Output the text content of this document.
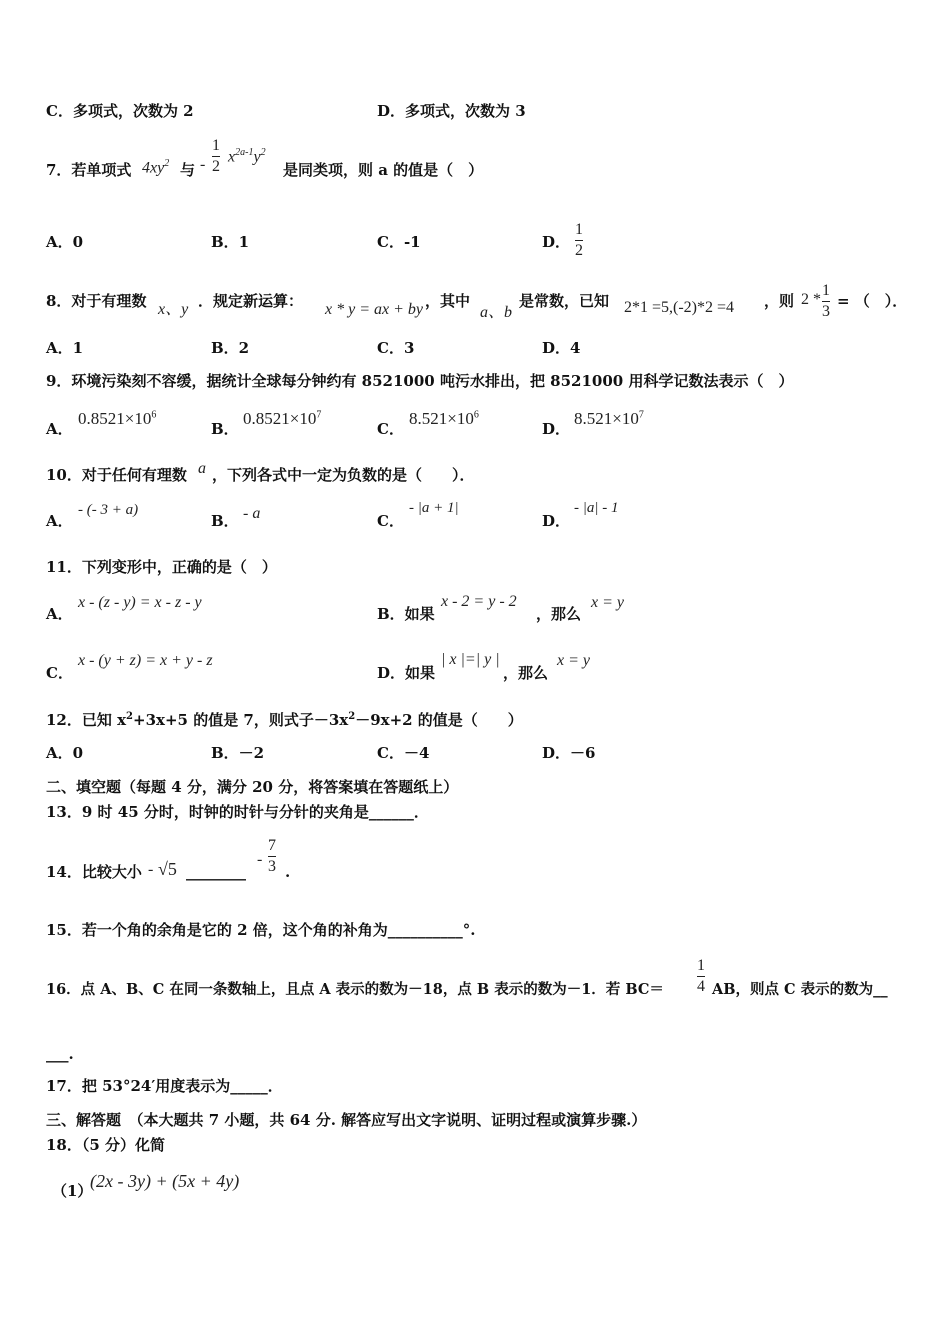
C．多项式，次数为 2	D．多项式，次数为 3
7．若单项式 $4xy^2$ 与 -
1
2
$x^{2a-1}y^2$
是同类项，则 a 的值是（　）
A．0	B．1	C．-1	D．
1
2
8．对于有理数 x、y ．规定新运算： x * y = ax + by ，其中
a、b
是常数，已知 2*1 =5,(-2)*2 =4 ，则 2 *
1
3
= （　）．
A．1	B．2	C．3	D．4
9．环境污染刻不容缓，据统计全球每分钟约有 8521000 吨污水排出，把 8521000 用科学记数法表示（　）
A．
$0.8521\times 10^6$
B．
$0.8521\times 10^7$
C．
$8.521\times 10^6$
D．
$8.521\times 10^7$
10．对于任何有理数 a ，下列各式中一定为负数的是（　　）．
A．
- (- 3 + a)
B． - a	C．
- |a + 1|
D．
- |a| - 1
11．下列变形中，正确的是（　）
A．
x - (z - y) = x - z - y
B．如果
x - 2 = y - 2
，那么
x = y
C．
x - (y + z) = x + y - z
D．如果
| x |=| y |
，那么
x = y
12．已知 $x^2+3x+5$ 的值是 7，则式子$-3x^2-9x+2$ 的值是（　　）
A．0	B．－2	C．－4	D．－6
二、填空题（每题 4 分，满分 20 分，将答案填在答题纸上）
13．9 时 45 分时，时钟的时针与分针的夹角是______．
14．比较大小 - √5 ________
-
7
3 .
15．若一个角的余角是它的 2 倍，这个角的补角为__________°.
16．点 A、B、C 在同一条数轴上，且点 A 表示的数为－18，点 B 表示的数为－1．若 BC＝
1
4 AB，则点 C 表示的数为__
___.
17．把 53°24′用度表示为_____．
三、解答题　（本大题共 7 小题，共 64 分. 解答应写出文字说明、证明过程或演算步骤.）
18．（5 分）化简
（1）
(2x - 3y) + (5x + 4y)
